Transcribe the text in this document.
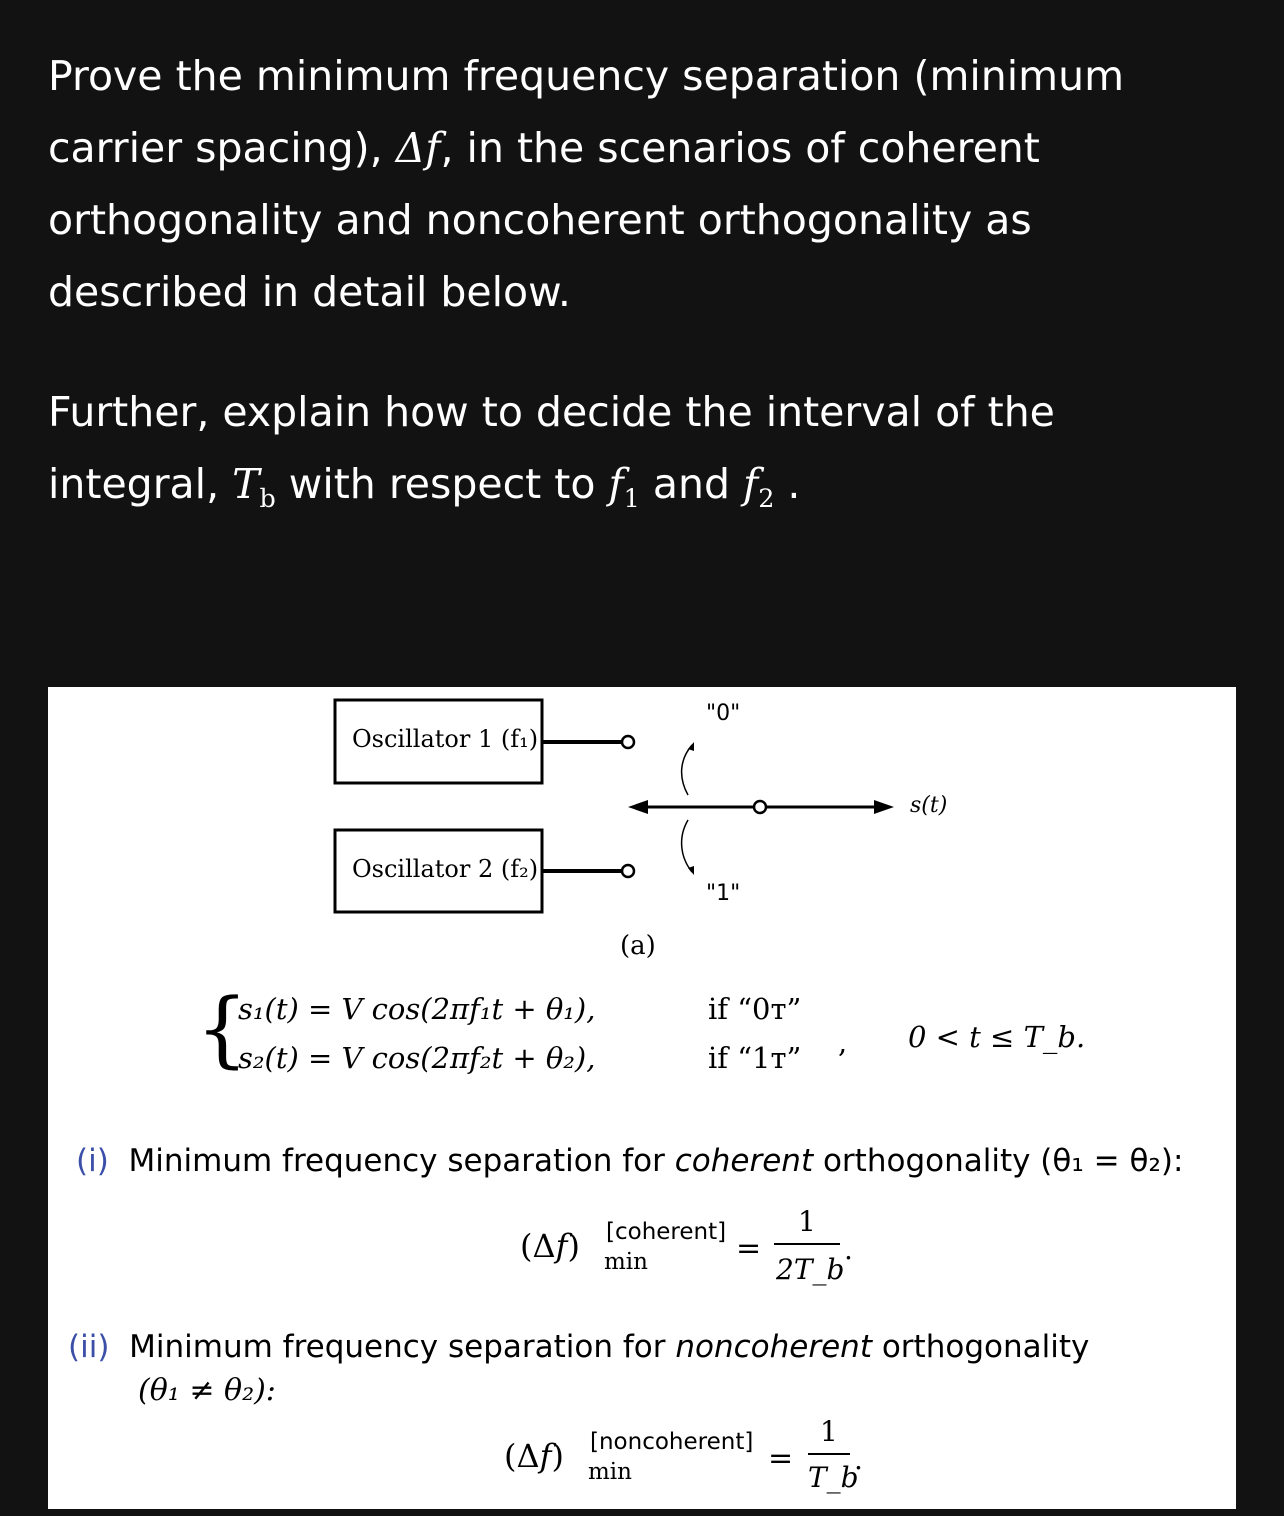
Prove the minimum frequency separation (minimum carrier spacing), Δf, in the scenarios of coherent orthogonality and noncoherent orthogonality as described in detail below.

Further, explain how to decide the interval of the integral, $T_b$ with respect to $f_1$ and $f_2$ .

Oscillator 1 (f₁)
Oscillator 2 (f₂)
"0"
"1"
s(t)
(a)
{
s₁(t) = V cos(2πf₁t + θ₁),	if “0ᴛ”
s₂(t) = V cos(2πf₂t + θ₂),	if “1ᴛ” , 0 < t ≤ T_b.
(i) Minimum frequency separation for coherent orthogonality (θ₁ = θ₂):
(Δf) [coherent]
min	=
1
2T_b
.
(ii) Minimum frequency separation for noncoherent orthogonality
(θ₁ ≠ θ₂):
(Δf) [noncoherent]
min	=
1
T_b
.
